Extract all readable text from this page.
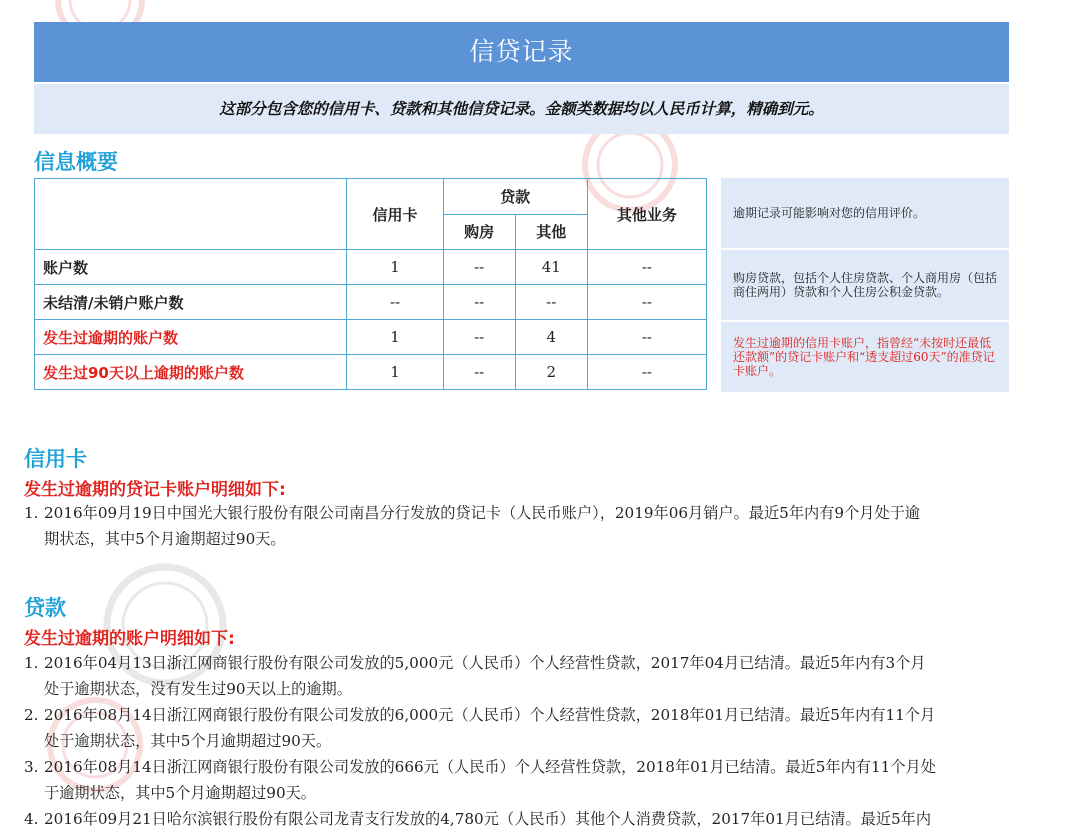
信贷记录
这部分包含您的信用卡、贷款和其他信贷记录。金额类数据均以人民币计算，精确到元。
信息概要
	信用卡	贷款		其他业务
		购房	其他	
账户数	1	--	41	--
未结清/未销户账户数	--	--	--	--
发生过逾期的账户数	1	--	4	--
发生过90天以上逾期的账户数	1	--	2	--
逾期记录可能影响对您的信用评价。
购房贷款，包括个人住房贷款、个人商用房（包括商住两用）贷款和个人住房公积金贷款。
发生过逾期的信用卡账户，指曾经“未按时还最低还款额”的贷记卡账户和“透支超过60天”的准贷记卡账户。
信用卡
发生过逾期的贷记卡账户明细如下:
1. 2016年09月19日中国光大银行股份有限公司南昌分行发放的贷记卡（人民币账户），2019年06月销户。最近5年内有9个月处于逾
期状态，其中5个月逾期超过90天。
贷款
发生过逾期的账户明细如下:
1. 2016年04月13日浙江网商银行股份有限公司发放的5,000元（人民币）个人经营性贷款，2017年04月已结清。最近5年内有3个月
处于逾期状态，没有发生过90天以上的逾期。
2. 2016年08月14日浙江网商银行股份有限公司发放的6,000元（人民币）个人经营性贷款，2018年01月已结清。最近5年内有11个月
处于逾期状态，其中5个月逾期超过90天。
3. 2016年08月14日浙江网商银行股份有限公司发放的666元（人民币）个人经营性贷款，2018年01月已结清。最近5年内有11个月处
于逾期状态，其中5个月逾期超过90天。
4. 2016年09月21日哈尔滨银行股份有限公司龙青支行发放的4,780元（人民币）其他个人消费贷款，2017年01月已结清。最近5年内
